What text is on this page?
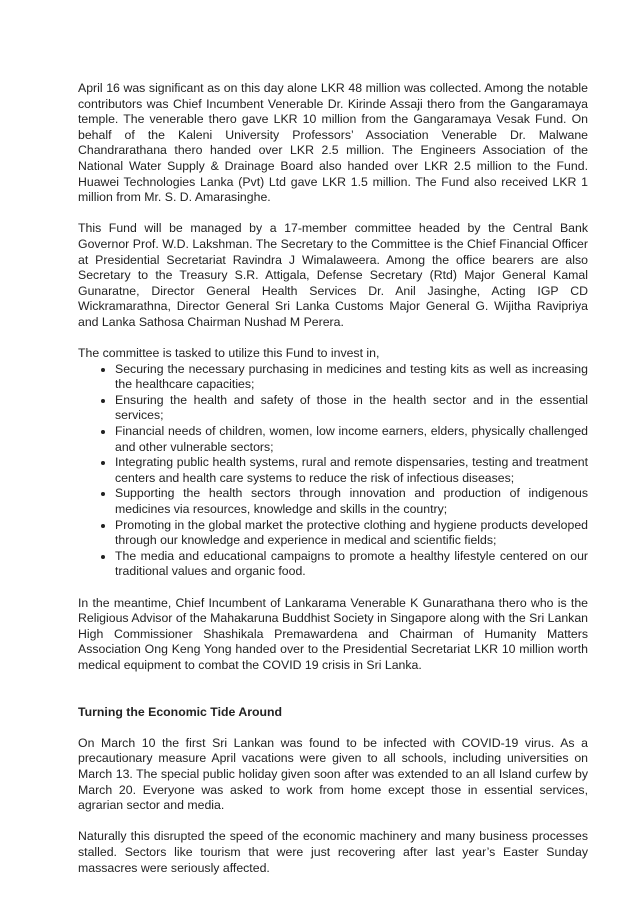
April 16 was significant as on this day alone LKR 48 million was collected. Among the notable contributors was Chief Incumbent Venerable Dr. Kirinde Assaji thero from the Gangaramaya temple. The venerable thero gave LKR 10 million from the Gangaramaya Vesak Fund. On behalf of the Kaleni University Professors’ Association Venerable Dr. Malwane Chandrarathana thero handed over LKR 2.5 million. The Engineers Association of the National Water Supply & Drainage Board also handed over LKR 2.5 million to the Fund. Huawei Technologies Lanka (Pvt) Ltd gave LKR 1.5 million. The Fund also received LKR 1 million from Mr. S. D. Amarasinghe.

This Fund will be managed by a 17-member committee headed by the Central Bank Governor Prof. W.D. Lakshman. The Secretary to the Committee is the Chief Financial Officer at Presidential Secretariat Ravindra J Wimalaweera. Among the office bearers are also Secretary to the Treasury S.R. Attigala, Defense Secretary (Rtd) Major General Kamal Gunaratne, Director General Health Services Dr. Anil Jasinghe, Acting IGP CD Wickramarathna, Director General Sri Lanka Customs Major General G. Wijitha Ravipriya and Lanka Sathosa Chairman Nushad M Perera.

The committee is tasked to utilize this Fund to invest in,

• Securing the necessary purchasing in medicines and testing kits as well as increasing the healthcare capacities;
• Ensuring the health and safety of those in the health sector and in the essential services;
• Financial needs of children, women, low income earners, elders, physically challenged and other vulnerable sectors;
• Integrating public health systems, rural and remote dispensaries, testing and treatment centers and health care systems to reduce the risk of infectious diseases;
• Supporting the health sectors through innovation and production of indigenous medicines via resources, knowledge and skills in the country;
• Promoting in the global market the protective clothing and hygiene products developed through our knowledge and experience in medical and scientific fields;
• The media and educational campaigns to promote a healthy lifestyle centered on our traditional values and organic food.

In the meantime, Chief Incumbent of Lankarama Venerable K Gunarathana thero who is the Religious Advisor of the Mahakaruna Buddhist Society in Singapore along with the Sri Lankan High Commissioner Shashikala Premawardena and Chairman of Humanity Matters Association Ong Keng Yong handed over to the Presidential Secretariat LKR 10 million worth medical equipment to combat the COVID 19 crisis in Sri Lanka.

Turning the Economic Tide Around

On March 10 the first Sri Lankan was found to be infected with COVID-19 virus. As a precautionary measure April vacations were given to all schools, including universities on March 13. The special public holiday given soon after was extended to an all Island curfew by March 20. Everyone was asked to work from home except those in essential services, agrarian sector and media.

Naturally this disrupted the speed of the economic machinery and many business processes stalled. Sectors like tourism that were just recovering after last year’s Easter Sunday massacres were seriously affected.
